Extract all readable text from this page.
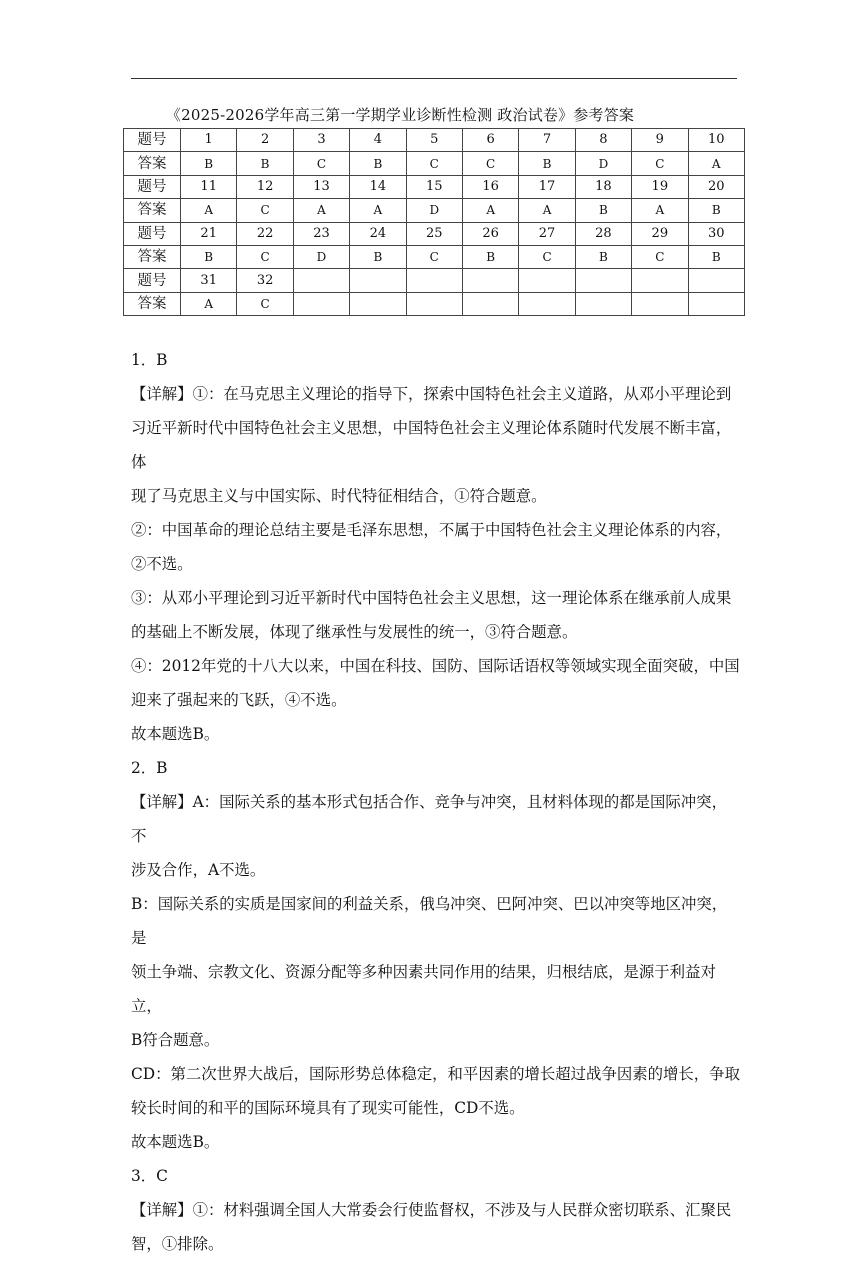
《2025-2026学年高三第一学期学业诊断性检测 政治试卷》参考答案
题号	1	2	3	4	5	6	7	8	9	10
答案	B	B	C	B	C	C	B	D	C	A
题号	11	12	13	14	15	16	17	18	19	20
答案	A	C	A	A	D	A	A	B	A	B
题号	21	22	23	24	25	26	27	28	29	30
答案	B	C	D	B	C	B	C	B	C	B
题号	31	32								
答案	A	C								

1．B

【详解】①：在马克思主义理论的指导下，探索中国特色社会主义道路，从邓小平理论到

习近平新时代中国特色社会主义思想，中国特色社会主义理论体系随时代发展不断丰富，体

现了马克思主义与中国实际、时代特征相结合，①符合题意。

②：中国革命的理论总结主要是毛泽东思想，不属于中国特色社会主义理论体系的内容，

②不选。

③：从邓小平理论到习近平新时代中国特色社会主义思想，这一理论体系在继承前人成果

的基础上不断发展，体现了继承性与发展性的统一，③符合题意。

④：2012年党的十八大以来，中国在科技、国防、国际话语权等领域实现全面突破，中国

迎来了强起来的飞跃，④不选。

故本题选B。

2．B

【详解】A：国际关系的基本形式包括合作、竞争与冲突，且材料体现的都是国际冲突，不

涉及合作，A不选。

B：国际关系的实质是国家间的利益关系，俄乌冲突、巴阿冲突、巴以冲突等地区冲突，是

领土争端、宗教文化、资源分配等多种因素共同作用的结果，归根结底，是源于利益对立，

B符合题意。

CD：第二次世界大战后，国际形势总体稳定，和平因素的增长超过战争因素的增长，争取

较长时间的和平的国际环境具有了现实可能性，CD不选。

故本题选B。

3．C

【详解】①：材料强调全国人大常委会行使监督权，不涉及与人民群众密切联系、汇聚民

智，①排除。
